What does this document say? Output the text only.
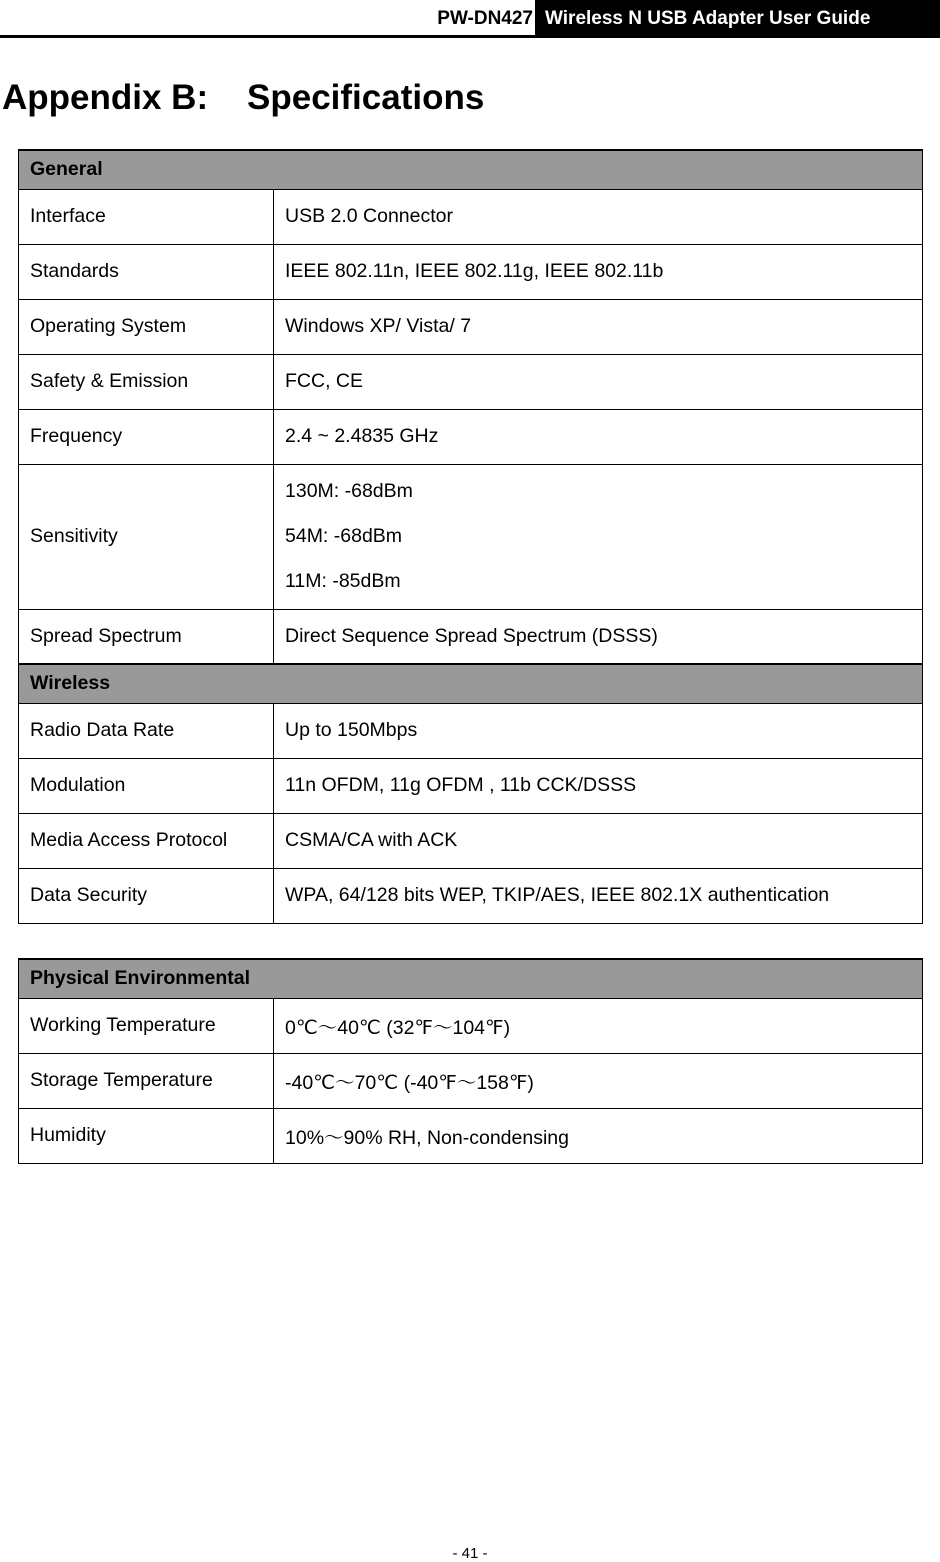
PW-DN427 Wireless N USB Adapter User Guide
Appendix B:    Specifications
General	
Interface	USB 2.0 Connector
Standards	IEEE 802.11n, IEEE 802.11g, IEEE 802.11b
Operating System	Windows XP/ Vista/ 7
Safety & Emission	FCC, CE
Frequency	2.4 ~ 2.4835 GHz
Sensitivity	130M: -68dBm
54M: -68dBm
11M: -85dBm

Spread Spectrum	Direct Sequence Spread Spectrum (DSSS)
Wireless	
Radio Data Rate	Up to 150Mbps
Modulation	11n OFDM, 11g OFDM , 11b CCK/DSSS
Media Access Protocol	CSMA/CA with ACK
Data Security	WPA, 64/128 bits WEP, TKIP/AES, IEEE 802.1X authentication
Physical Environmental	
Working Temperature	0℃～40℃ (32℉～104℉)
Storage Temperature	-40℃～70℃ (-40℉～158℉)
Humidity	10%～90% RH, Non-condensing
- 41 -
